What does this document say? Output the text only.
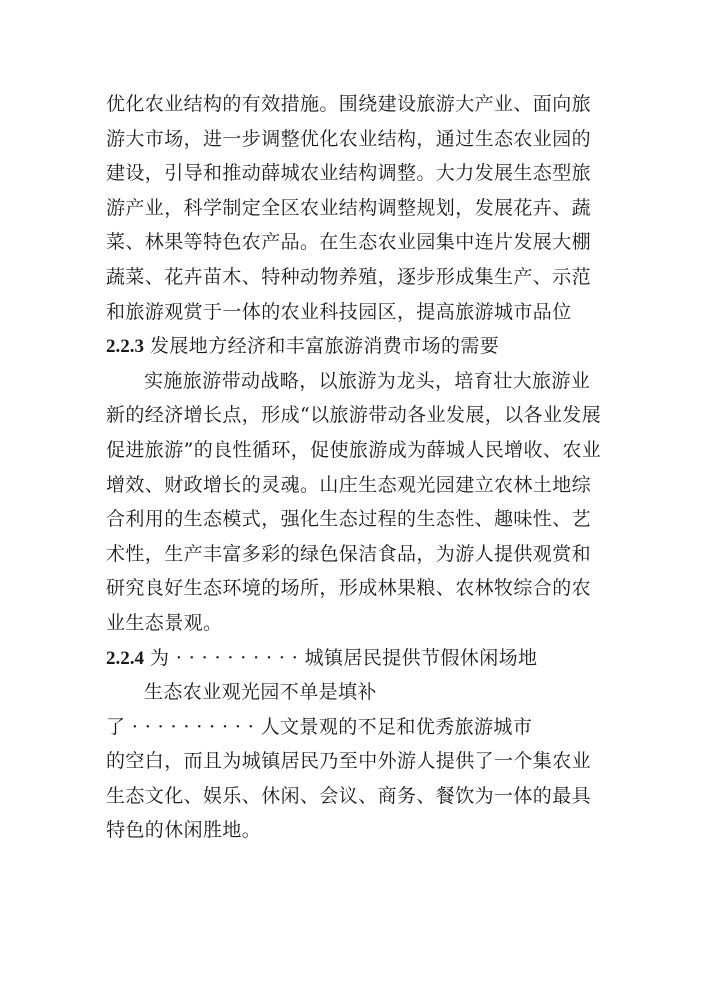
优化农业结构的有效措施。围绕建设旅游大产业、面向旅
游大市场，进一步调整优化农业结构，通过生态农业园的
建设，引导和推动薛城农业结构调整。大力发展生态型旅
游产业，科学制定全区农业结构调整规划，发展花卉、蔬
菜、林果等特色农产品。在生态农业园集中连片发展大棚
蔬菜、花卉苗木、特种动物养殖，逐步形成集生产、示范
和旅游观赏于一体的农业科技园区，提高旅游城市品位
2.2.3 发展地方经济和丰富旅游消费市场的需要
实施旅游带动战略，以旅游为龙头，培育壮大旅游业
新的经济增长点，形成“以旅游带动各业发展，以各业发展
促进旅游”的良性循环，促使旅游成为薛城人民增收、农业
增效、财政增长的灵魂。山庄生态观光园建立农林土地综
合利用的生态模式，强化生态过程的生态性、趣味性、艺
术性，生产丰富多彩的绿色保洁食品，为游人提供观赏和
研究良好生态环境的场所，形成林果粮、农林牧综合的农
业生态景观。
2.2.4 为 · · · · · · · · · · 城镇居民提供节假休闲场地
生态农业观光园不单是填补
了 · · · · · · · · · · 人文景观的不足和优秀旅游城市
的空白，而且为城镇居民乃至中外游人提供了一个集农业
生态文化、娱乐、休闲、会议、商务、餐饮为一体的最具
特色的休闲胜地。
